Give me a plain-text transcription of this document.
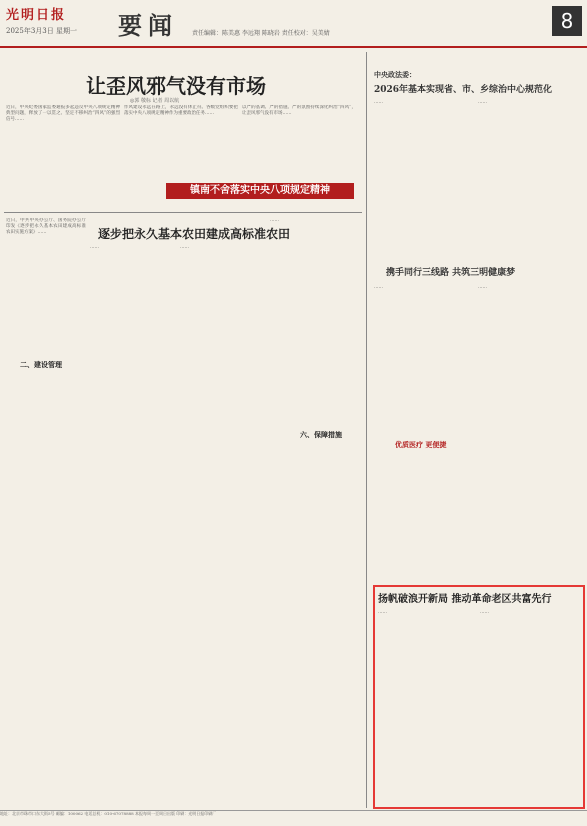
光明日报
2025年3月3日 星期一 要闻 责任编辑：陈美惠 李远翔 陈晓岩 责任校对：吴美婧
8
让歪风邪气没有市场
◎郭 敬标 记者 周以航

近日，中央纪委国家监委通报多起违反中央八项规定精神典型问题，释放了一以贯之、坚定不移纠治“四风”的强烈信号……

作风建设永远在路上，永远没有休止符。各级党组织要把落实中央八项规定精神作为重要政治任务……

以严的基调、严的措施、严的氛围持续深化纠治“四风”，让歪风邪气没有市场……

镇南不舍落实中央八项规定精神

近日，中共中央办公厅、国务院办公厅印发《逐步把永久基本农田建成高标准农田实施方案》……

二、建设管理
逐步把永久基本农田建成高标准农田

……	……

……

六、保障措施
中央政法委：
2026年基本实现省、市、乡综治中心规范化

……	……

携手同行三线路 共筑三明健康梦

……	……

优质医疗 更便捷
扬帆破浪开新局 推动革命老区共富先行

……	……

地址：北京市珠市口东大街5号 邮编：100062 电话总机：010-67078888 本报每周一至周日出版 印刷：光明日报印刷厂
